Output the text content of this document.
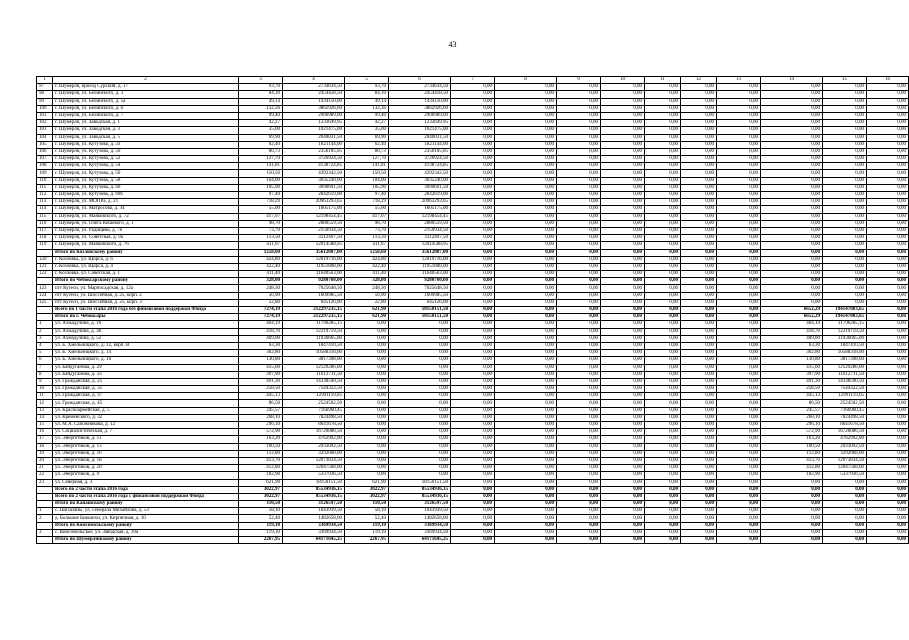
43
1	2	3	4	5	6	7	8	9	10	11	12	13	14	15	16
97	г. Шумерля, проезд Сурский, д. 17	93,70	2734634,50	93,70	2734634,50	0,00	0,00	0,00	0,00	0,00	0,00	0,00	0,00	0,00	0,00
98	г. Шумерля, ул. Белинского, д. 3	84,10	2454458,50	84,10	2454458,50	0,00	0,00	0,00	0,00	0,00	0,00	0,00	0,00	0,00	0,00
99	г. Шумерля, ул. Белинского, д. 5а	49,14	1434150,00	49,14	1434150,00	0,00	0,00	0,00	0,00	0,00	0,00	0,00	0,00	0,00	0,00
100	г. Шумерля, ул. Белинского, д. 6	132,36	3862926,60	132,36	3862926,60	0,00	0,00	0,00	0,00	0,00	0,00	0,00	0,00	0,00	0,00
101	г. Шумерля, ул. Белинского, д. 7	99,40	2900989,00	99,40	2900989,00	0,00	0,00	0,00	0,00	0,00	0,00	0,00	0,00	0,00	0,00
102	г. Шумерля, ул. Заводская, д. 1	42,27	1233649,95	42,27	1233649,95	0,00	0,00	0,00	0,00	0,00	0,00	0,00	0,00	0,00	0,00
103	г. Шумерля, ул. Заводская, д. 3	35,00	1021475,00	35,00	1021475,00	0,00	0,00	0,00	0,00	0,00	0,00	0,00	0,00	0,00	0,00
104	г. Шумерля, ул. Заводская, д. 5	69,90	2040031,50	69,90	2040031,50	0,00	0,00	0,00	0,00	0,00	0,00	0,00	0,00	0,00	0,00
105	г. Шумерля, ул. Кутузова, д. 33	62,40	1821144,00	62,40	1821144,00	0,00	0,00	0,00	0,00	0,00	0,00	0,00	0,00	0,00	0,00
106	г. Шумерля, ул. Кутузова, д. 50	80,73	2356105,05	80,73	2356105,05	0,00	0,00	0,00	0,00	0,00	0,00	0,00	0,00	0,00	0,00
107	г. Шумерля, ул. Кутузова, д. 52	127,70	3726924,50	127,70	3726924,50	0,00	0,00	0,00	0,00	0,00	0,00	0,00	0,00	0,00	0,00
108	г. Шумерля, ул. Кутузова, д. 54	141,81	4138724,85	141,81	4138724,85	0,00	0,00	0,00	0,00	0,00	0,00	0,00	0,00	0,00	0,00
109	г. Шумерля, ул. Кутузова, д. 56	150,50	4392342,50	150,50	4392342,50	0,00	0,00	0,00	0,00	0,00	0,00	0,00	0,00	0,00	0,00
110	г. Шумерля, ул. Кутузова, д. 58	104,00	3035240,00	104,00	3035240,00	0,00	0,00	0,00	0,00	0,00	0,00	0,00	0,00	0,00	0,00
111	г. Шумерля, ул. Кутузова, д. 60	105,90	3090691,50	105,90	3090691,50	0,00	0,00	0,00	0,00	0,00	0,00	0,00	0,00	0,00	0,00
112	г. Шумерля, ул. Кутузова, д. 69б	97,40	2842619,00	97,40	2842619,00	0,00	0,00	0,00	0,00	0,00	0,00	0,00	0,00	0,00	0,00
113	г. Шумерля, ул. МОПРа, д. 21	718,29	20963293,65	718,29	20963293,65	0,00	0,00	0,00	0,00	0,00	0,00	0,00	0,00	0,00	0,00
114	г. Шумерля, ул. Матросова, д. 34	55,00	1605175,00	55,00	1605175,00	0,00	0,00	0,00	0,00	0,00	0,00	0,00	0,00	0,00	0,00
115	г. Шумерля, ул. Маяковского, д. 72	417,07	12198454,45	417,07	12198454,45	0,00	0,00	0,00	0,00	0,00	0,00	0,00	0,00	0,00	0,00
116	г. Шумерля, ул. Олега Кошевого, д. 1	98,70	2880559,50	98,70	2880559,50	0,00	0,00	0,00	0,00	0,00	0,00	0,00	0,00	0,00	0,00
117	г. Шумерля, ул. Радищева, д. 76	73,70	2150934,50	73,70	2150934,50	0,00	0,00	0,00	0,00	0,00	0,00	0,00	0,00	0,00	0,00
118	г. Шумерля, ул. Советская, д. 9а	113,50	3312497,50	113,50	3312497,50	0,00	0,00	0,00	0,00	0,00	0,00	0,00	0,00	0,00	0,00
119	г. Шумерля, ул. Маяковского, д. 76	411,67	12014588,95	411,67	12014588,95	0,00	0,00	0,00	0,00	0,00	0,00	0,00	0,00	0,00	0,00
	Итого по Козловскому району	1258,60	35612087,00	1258,60	35612087,00	0,00	0,00	0,00	0,00	0,00	0,00	0,00	0,00	0,00	0,00
120	г. Козловка, ул. Щорса, д. 6	424,80	12019716,00	424,80	12019716,00	0,00	0,00	0,00	0,00	0,00	0,00	0,00	0,00	0,00	0,00
121	г. Козловка, ул. Щорса, д. 4	422,40	11951808,00	422,40	11951808,00	0,00	0,00	0,00	0,00	0,00	0,00	0,00	0,00	0,00	0,00
122	г. Козловка, ул. Советская, д. 1	411,40	11640563,00	411,40	11640563,00	0,00	0,00	0,00	0,00	0,00	0,00	0,00	0,00	0,00	0,00
	Итого по Чебоксарскому району	328,00	9280760,00	328,00	9280760,00	0,00	0,00	0,00	0,00	0,00	0,00	0,00	0,00	0,00	0,00
123	пгт Кугеси, ул. Марпосадская, д. 12а	248,30	7025648,50	248,30	7025648,50	0,00	0,00	0,00	0,00	0,00	0,00	0,00	0,00	0,00	0,00
124	пгт Кугеси, ул. Шоссейная, д. 25, корп. 2	56,90	1609985,50	56,90	1609985,50	0,00	0,00	0,00	0,00	0,00	0,00	0,00	0,00	0,00	0,00
125	пгт Кугеси, ул. Шоссейная, д. 25, корп. 3	22,80	645126,00	22,80	645126,00	0,00	0,00	0,00	0,00	0,00	0,00	0,00	0,00	0,00	0,00
	Всего по 1 части этапа 2016 года без финансовой поддержки Фонда	7274,19	212297235,15	621,90	18150151,50	0,00	0,00	0,00	0,00	0,00	0,00	0,00	6652,29	194147083,65	0,00
	Итого по г. Чебоксары	7274,19	212297235,15	621,90	18150151,50	0,00	0,00	0,00	0,00	0,00	0,00	0,00	6652,29	194147083,65	0,00
1	ул. Ахмадулина, д. 16	404,19	11796285,15	0,00	0,00	0,00	0,00	0,00	0,00	0,00	0,00	0,00	404,19	11796285,15	0,00
2	ул. Ахмадулина, д. 38	418,70	12219759,50	0,00	0,00	0,00	0,00	0,00	0,00	0,00	0,00	0,00	418,70	12219759,50	0,00
3	ул. Ахмадулина, д. 52	409,00	11936665,00	0,00	0,00	0,00	0,00	0,00	0,00	0,00	0,00	0,00	409,00	11936665,00	0,00
4	ул. Б. Хмельницкого, д. 12, корп. В	63,30	1847410,50	0,00	0,00	0,00	0,00	0,00	0,00	0,00	0,00	0,00	63,30	1847410,50	0,00
5	ул. Б. Хмельницкого, д. 14	362,80	10588318,00	0,00	0,00	0,00	0,00	0,00	0,00	0,00	0,00	0,00	362,80	10588318,00	0,00
6	ул. Б. Хмельницкого, д. 16	130,80	3817398,00	0,00	0,00	0,00	0,00	0,00	0,00	0,00	0,00	0,00	130,80	3817398,00	0,00
7	ул. Байдуганова, д. 29	415,60	12129286,00	0,00	0,00	0,00	0,00	0,00	0,00	0,00	0,00	0,00	415,60	12129286,00	0,00
8	ул. Байдуганова, д. 33	397,90	11612711,50	0,00	0,00	0,00	0,00	0,00	0,00	0,00	0,00	0,00	397,90	11612711,50	0,00
9	ул. Гражданская, д. 25	491,30	14338590,50	0,00	0,00	0,00	0,00	0,00	0,00	0,00	0,00	0,00	491,30	14338590,50	0,00
10	ул. Гражданская, д. 35	258,50	7544322,50	0,00	0,00	0,00	0,00	0,00	0,00	0,00	0,00	0,00	258,50	7544322,50	0,00
11	ул. Гражданская, д. 37	445,13	12991119,05	0,00	0,00	0,00	0,00	0,00	0,00	0,00	0,00	0,00	445,13	12991119,05	0,00
12	ул. Гражданская, д. 45	86,50	2524502,50	0,00	0,00	0,00	0,00	0,00	0,00	0,00	0,00	0,00	86,50	2524502,50	0,00
13	ул. Красноармейская, д. 5	245,57	7166960,45	0,00	0,00	0,00	0,00	0,00	0,00	0,00	0,00	0,00	245,57	7166960,45	0,00
14	ул. Кременского, д. 32	268,10	7824498,50	0,00	0,00	0,00	0,00	0,00	0,00	0,00	0,00	0,00	268,10	7824498,50	0,00
15	ул. М.А. Сапожникова, д. 12	296,10	8641678,50	0,00	0,00	0,00	0,00	0,00	0,00	0,00	0,00	0,00	296,10	8641678,50	0,00
16	ул. Социалистическая, д. 7	572,90	16720086,50	0,00	0,00	0,00	0,00	0,00	0,00	0,00	0,00	0,00	572,90	16720086,50	0,00
17	ул. Энергетиков, д. 11	163,20	4762992,00	0,00	0,00	0,00	0,00	0,00	0,00	0,00	0,00	0,00	163,20	4762992,00	0,00
18	ул. Энергетиков, д. 13	100,50	2933092,50	0,00	0,00	0,00	0,00	0,00	0,00	0,00	0,00	0,00	100,50	2933092,50	0,00
19	ул. Энергетиков, д. 16	112,80	3292068,00	0,00	0,00	0,00	0,00	0,00	0,00	0,00	0,00	0,00	112,80	3292068,00	0,00
20	ул. Энергетиков, д. 18	413,70	12073834,50	0,00	0,00	0,00	0,00	0,00	0,00	0,00	0,00	0,00	413,70	12073834,50	0,00
21	ул. Энергетиков, д. 20	412,80	12047568,00	0,00	0,00	0,00	0,00	0,00	0,00	0,00	0,00	0,00	412,80	12047568,00	0,00
22	ул. Энергетиков, д. 9	182,90	5337936,50	0,00	0,00	0,00	0,00	0,00	0,00	0,00	0,00	0,00	182,90	5337936,50	0,00
23	ул. Северная, д. 3	621,90	18150151,50	621,90	18150151,50	0,00	0,00	0,00	0,00	0,00	0,00	0,00	0,00	0,00	0,00
	Всего по 2 части этапа 2016 года	3022,97	85534936,15	3022,97	85534936,15	0,00	0,00	0,00	0,00	0,00	0,00	0,00	0,00	0,00	0,00
	Всего по 2 части этапа 2016 года с финансовой поддержкой Фонда	3022,97	85534936,15	3022,97	85534936,15	0,00	0,00	0,00	0,00	0,00	0,00	0,00	0,00	0,00	0,00
	Итого по Канашскому району	110,50	3126597,50	110,50	3126597,50	0,00	0,00	0,00	0,00	0,00	0,00	0,00	0,00	0,00	0,00
1	с. Шихазаны, ул. Генерала Михайлова, д. 53	58,10	1643939,50	58,10	1643939,50	0,00	0,00	0,00	0,00	0,00	0,00	0,00	0,00	0,00	0,00
2	д. Большие Бикшихи, ул. Кирпичная, д. 10	52,40	1482658,00	52,40	1482658,00	0,00	0,00	0,00	0,00	0,00	0,00	0,00	0,00	0,00	0,00
	Итого по Комсомольскому району	119,10	3369934,50	119,10	3369934,50	0,00	0,00	0,00	0,00	0,00	0,00	0,00	0,00	0,00	0,00
3	с. Комсомольское, ул. Заводская, д. 39а	119,10	3369934,50	119,10	3369934,50	0,00	0,00	0,00	0,00	0,00	0,00	0,00	0,00	0,00	0,00
	Итого по Шумерлинскому району	2267,95	64171645,25	2267,95	64171645,25	0,00	0,00	0,00	0,00	0,00	0,00	0,00	0,00	0,00	0,00
